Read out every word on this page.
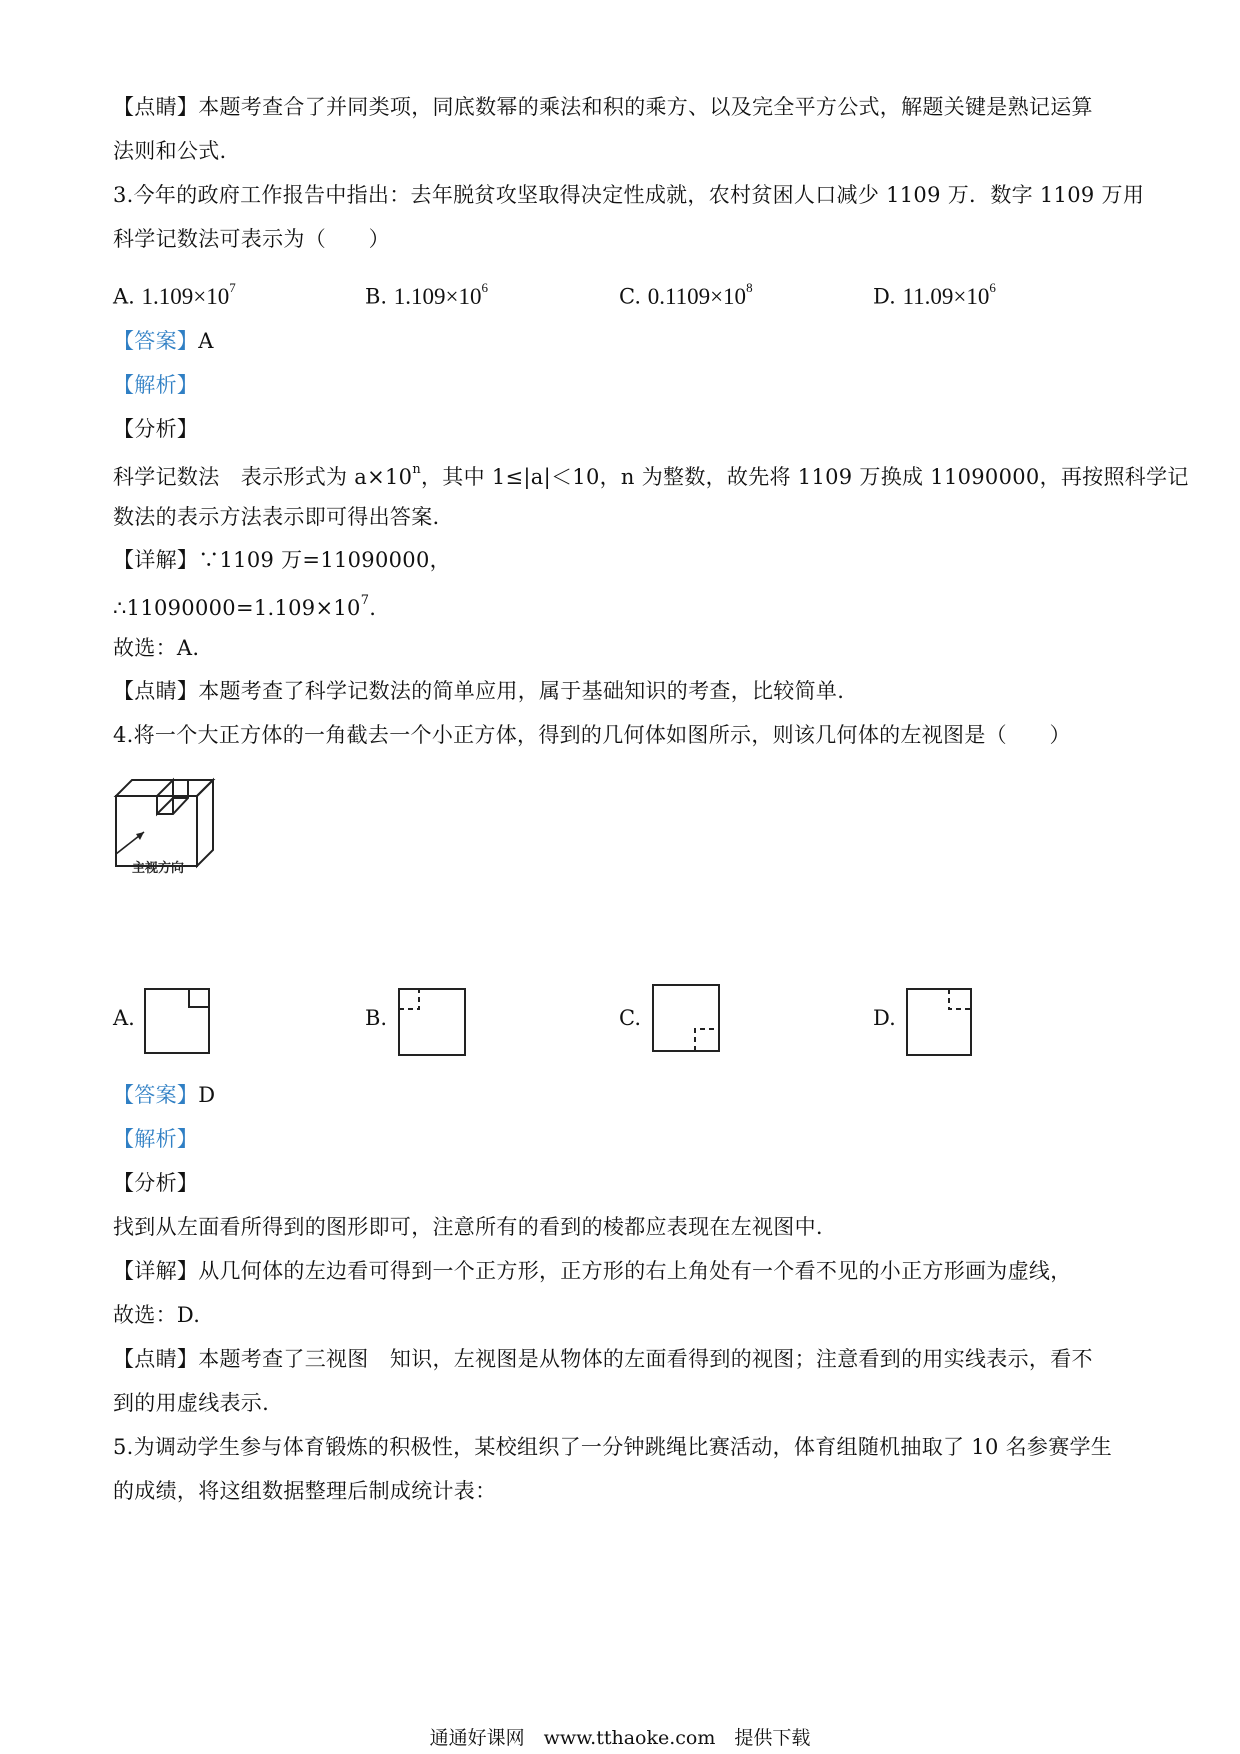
【点睛】本题考查合了并同类项，同底数幂的乘法和积的乘方、以及完全平方公式，解题关键是熟记运算
法则和公式.
3.今年的政府工作报告中指出：去年脱贫攻坚取得决定性成就，农村贫困人口减少 1109 万．数字 1109 万用
科学记数法可表示为（　　）
A. $1.109\times 10^7$	B. $1.109\times 10^6$	C. $0.1109\times 10^8$	D. $11.09\times 10^6$
【答案】A
【解析】
【分析】
科学记数法　表示形式为 $a\times 10^n$，其中 1≤|a|＜10，n 为整数，故先将 1109 万换成 11090000，再按照科学记
数法的表示方法表示即可得出答案.
【详解】∵1109 万=11090000，
$\therefore 11090000=1.109\times 10^7$.
故选：A.
【点睛】本题考查了科学记数法的简单应用，属于基础知识的考查，比较简单.
4.将一个大正方体的一角截去一个小正方体，得到的几何体如图所示，则该几何体的左视图是（　　）
主视方向
A.	B.	C.	D.
【答案】D
【解析】
【分析】
找到从左面看所得到的图形即可，注意所有的看到的棱都应表现在左视图中.
【详解】从几何体的左边看可得到一个正方形，正方形的右上角处有一个看不见的小正方形画为虚线，
故选：D.
【点睛】本题考查了三视图　知识，左视图是从物体的左面看得到的视图；注意看到的用实线表示，看不
到的用虚线表示.
5.为调动学生参与体育锻炼的积极性，某校组织了一分钟跳绳比赛活动，体育组随机抽取了 10 名参赛学生
的成绩，将这组数据整理后制成统计表：
通通好课网　www.tthaoke.com　提供下载
